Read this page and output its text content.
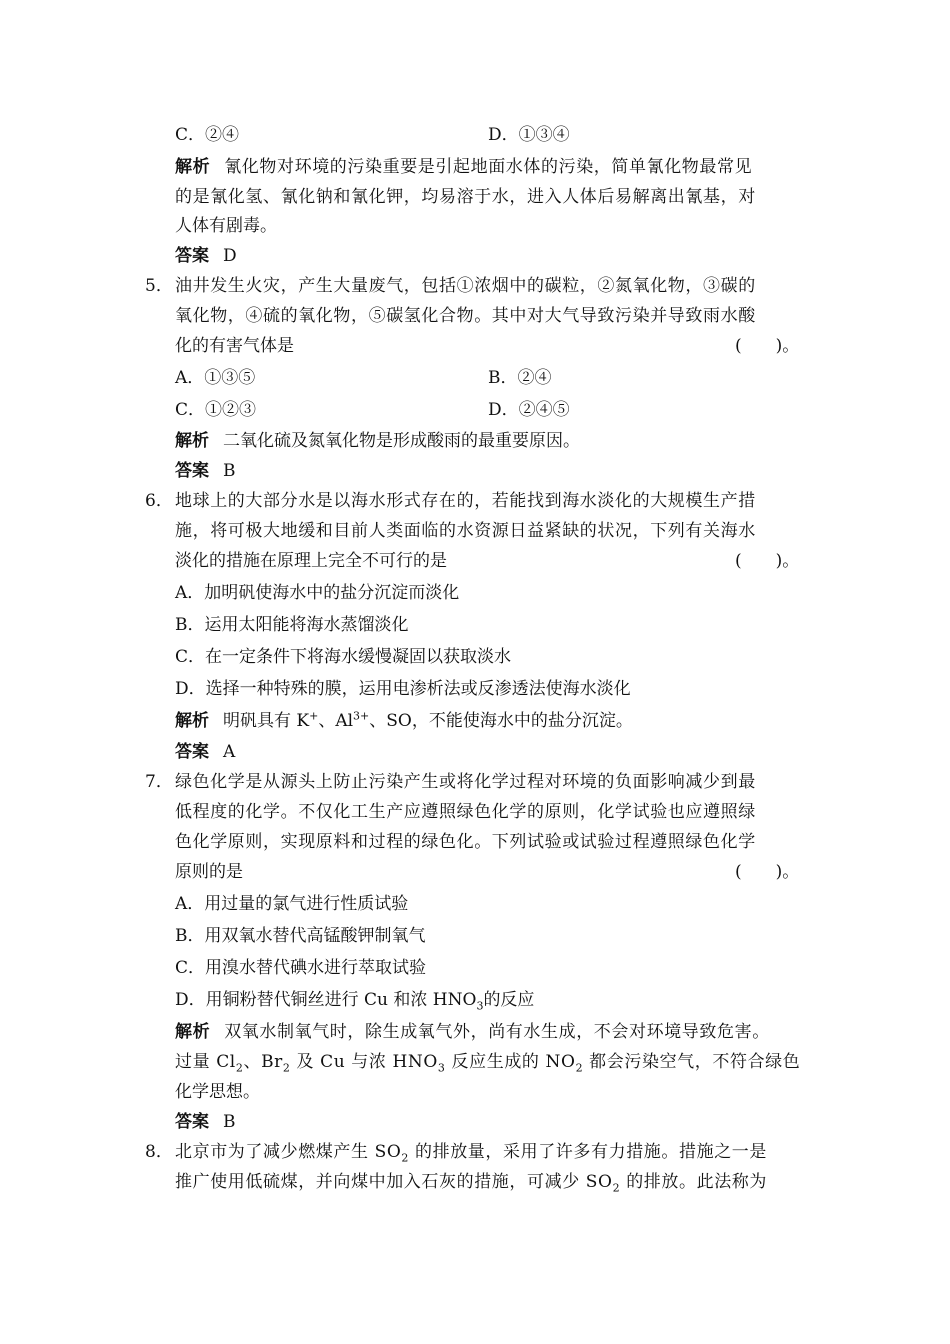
C．②④	D．①③④
解析 氰化物对环境的污染重要是引起地面水体的污染，简单氰化物最常见
的是氰化氢、氰化钠和氰化钾，均易溶于水，进入人体后易解离出氰基，对
人体有剧毒。
答案 D
5． 油井发生火灾，产生大量废气，包括①浓烟中的碳粒，②氮氧化物，③碳的
氧化物，④硫的氧化物，⑤碳氢化合物。其中对大气导致污染并导致雨水酸
化的有害气体是	(　　)。
A．①③⑤	B．②④
C．①②③	D．②④⑤
解析 二氧化硫及氮氧化物是形成酸雨的最重要原因。
答案 B
6． 地球上的大部分水是以海水形式存在的，若能找到海水淡化的大规模生产措
施，将可极大地缓和目前人类面临的水资源日益紧缺的状况，下列有关海水
淡化的措施在原理上完全不可行的是	(　　)。
A．加明矾使海水中的盐分沉淀而淡化
B．运用太阳能将海水蒸馏淡化
C．在一定条件下将海水缓慢凝固以获取淡水
D．选择一种特殊的膜，运用电渗析法或反渗透法使海水淡化
解析 明矾具有 K+、$Al^{3+}$、SO，不能使海水中的盐分沉淀。
答案 A
7． 绿色化学是从源头上防止污染产生或将化学过程对环境的负面影响减少到最
低程度的化学。不仅化工生产应遵照绿色化学的原则，化学试验也应遵照绿
色化学原则，实现原料和过程的绿色化。下列试验或试验过程遵照绿色化学
原则的是	(　　)。
A．用过量的氯气进行性质试验
B．用双氧水替代高锰酸钾制氧气
C．用溴水替代碘水进行萃取试验
D．用铜粉替代铜丝进行 Cu 和浓 $HNO_3$的反应
解析 双氧水制氧气时，除生成氧气外，尚有水生成，不会对环境导致危害。
过量 $Cl_2$、$Br_2$ 及 Cu 与浓 $HNO_3$ 反应生成的 $NO_2$ 都会污染空气，不符合绿色
化学思想。
答案 B
8． 北京市为了减少燃煤产生 $SO_2$ 的排放量，采用了许多有力措施。措施之一是
推广使用低硫煤，并向煤中加入石灰的措施，可减少 $SO_2$ 的排放。此法称为
